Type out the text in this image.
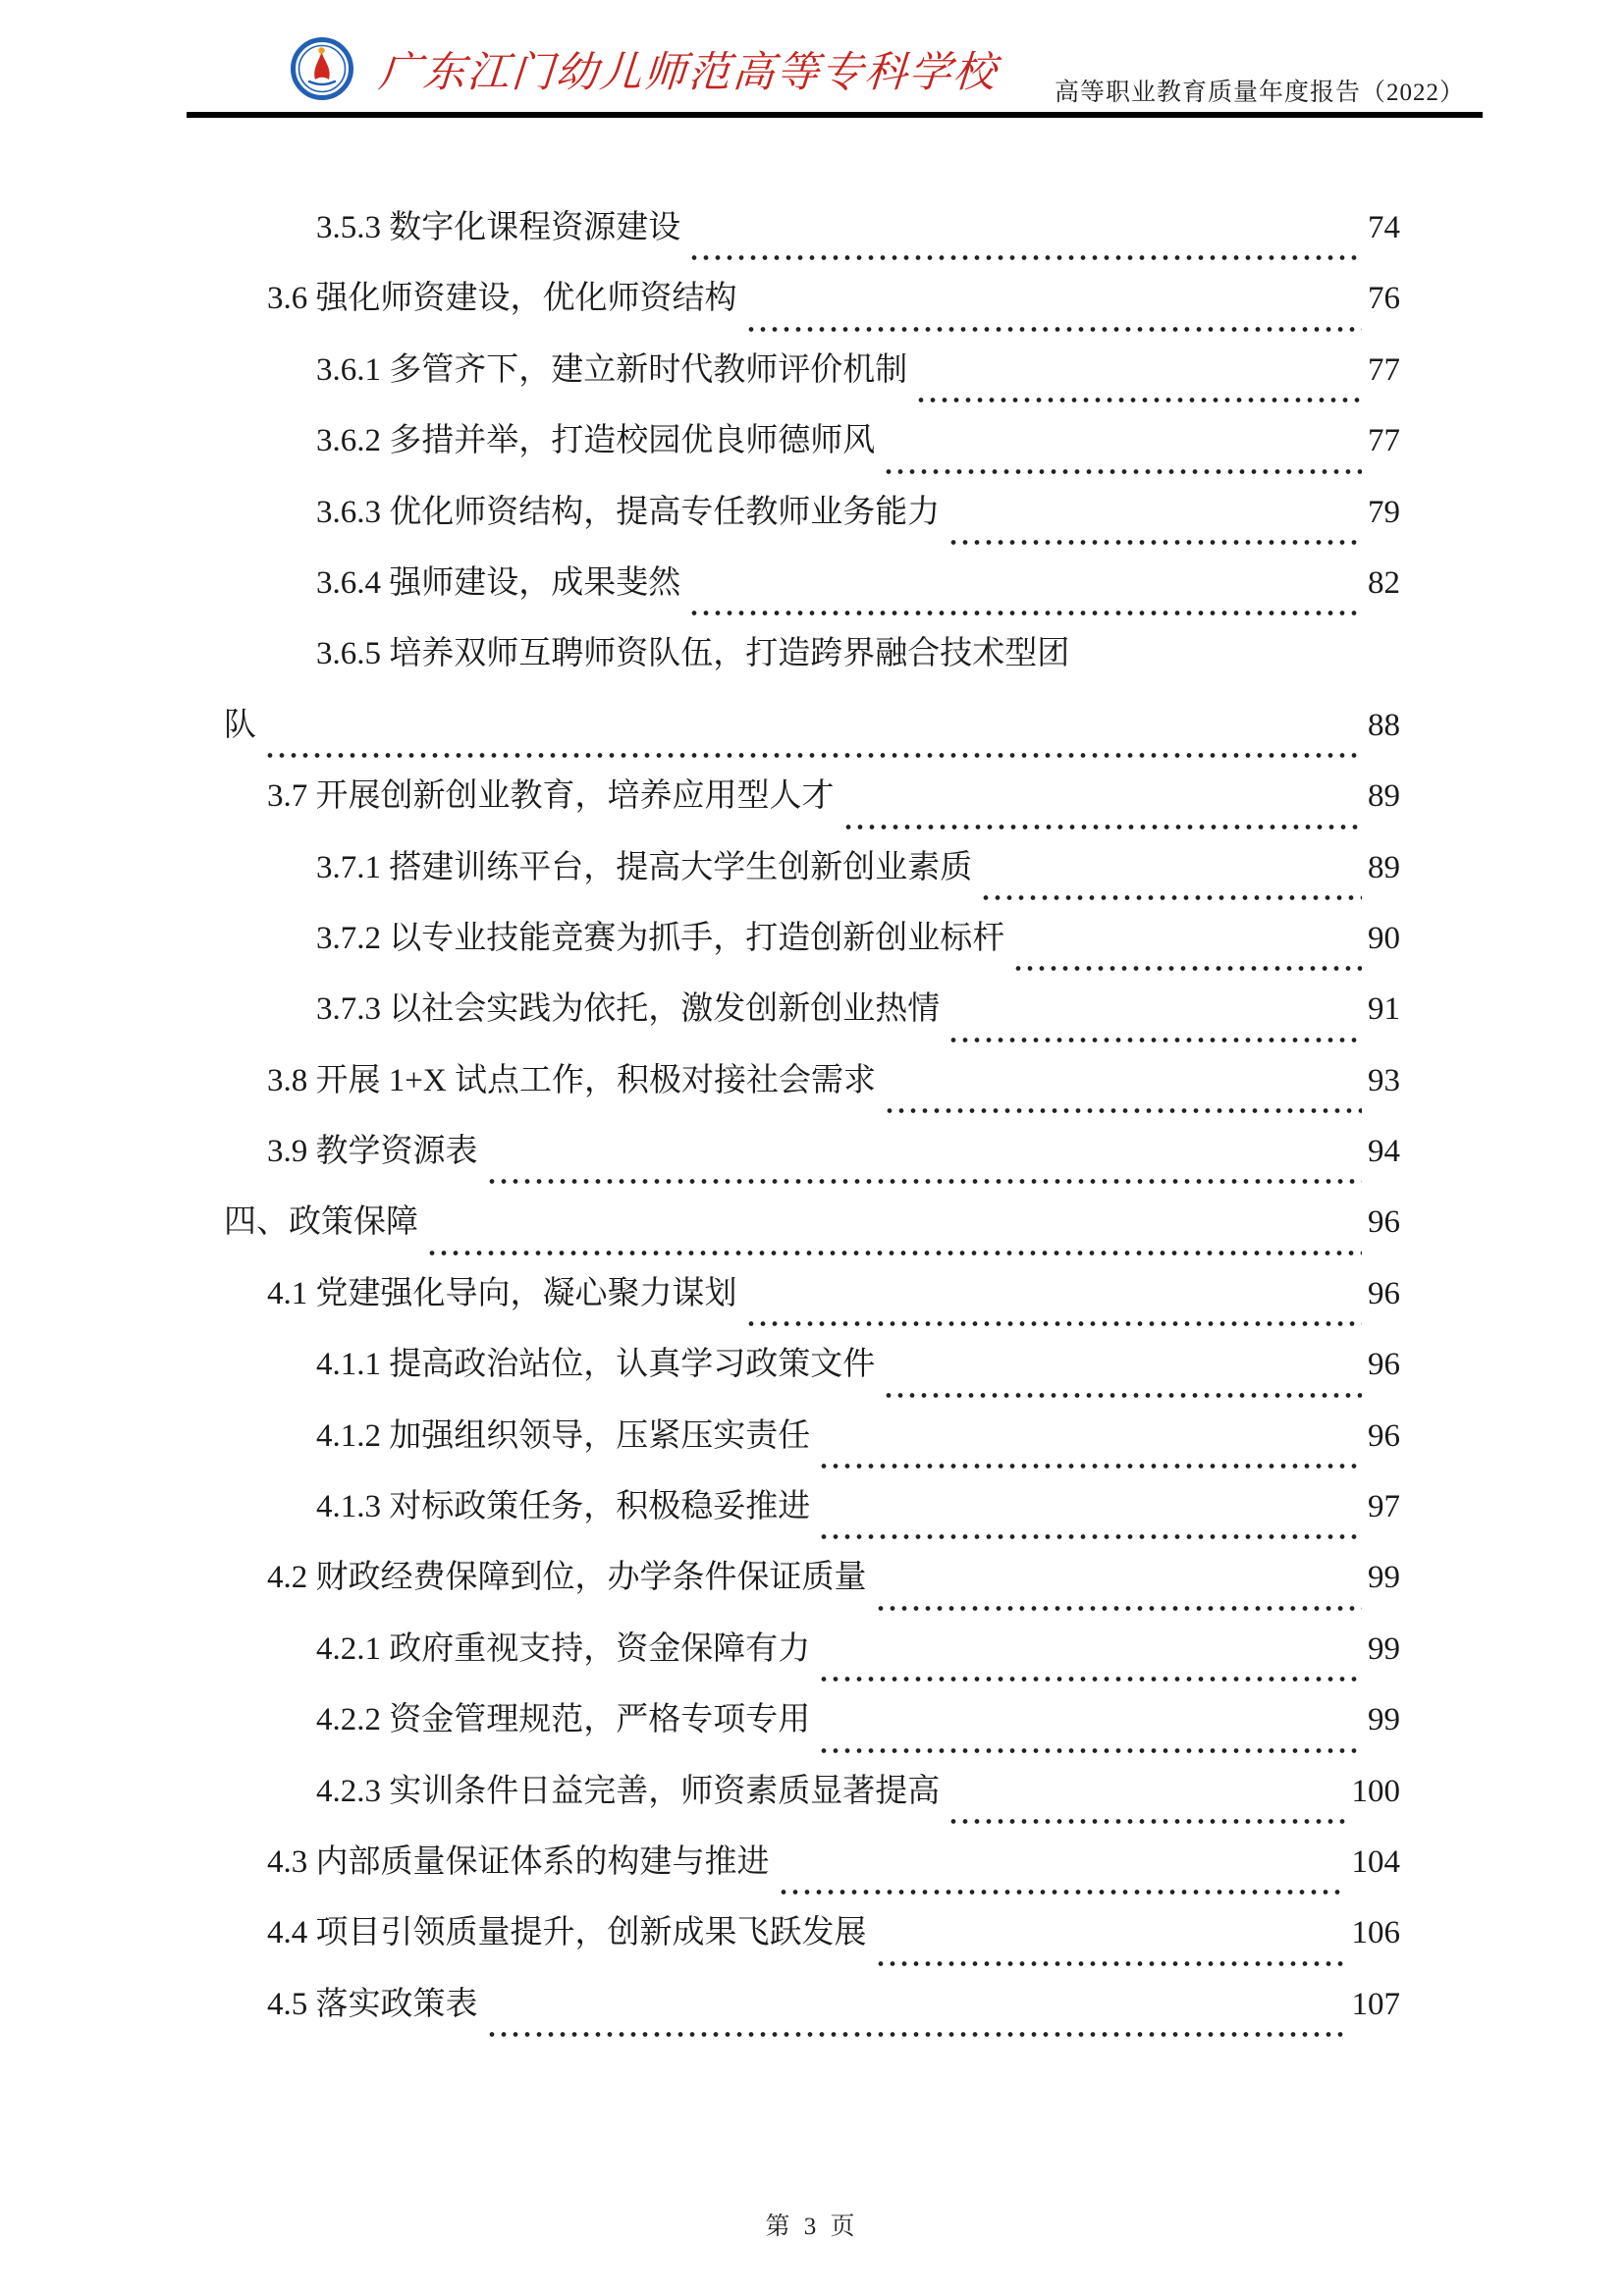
广东江门幼儿师范高等专科学校 高等职业教育质量年度报告（2022）
3.5.3 数字化课程资源建设	74
3.6 强化师资建设，优化师资结构	76
3.6.1 多管齐下，建立新时代教师评价机制	77
3.6.2 多措并举，打造校园优良师德师风	77
3.6.3 优化师资结构，提高专任教师业务能力	79
3.6.4 强师建设，成果斐然	82
3.6.5 培养双师互聘师资队伍，打造跨界融合技术型团
队	88
3.7 开展创新创业教育，培养应用型人才	89
3.7.1 搭建训练平台，提高大学生创新创业素质	89
3.7.2 以专业技能竞赛为抓手，打造创新创业标杆	90
3.7.3 以社会实践为依托，激发创新创业热情	91
3.8 开展 1+X 试点工作，积极对接社会需求	93
3.9 教学资源表	94
四、政策保障	96
4.1 党建强化导向，凝心聚力谋划	96
4.1.1 提高政治站位，认真学习政策文件	96
4.1.2 加强组织领导，压紧压实责任	96
4.1.3 对标政策任务，积极稳妥推进	97
4.2 财政经费保障到位，办学条件保证质量	99
4.2.1 政府重视支持，资金保障有力	99
4.2.2 资金管理规范，严格专项专用	99
4.2.3 实训条件日益完善，师资素质显著提高	100
4.3 内部质量保证体系的构建与推进	104
4.4 项目引领质量提升，创新成果飞跃发展	106
4.5 落实政策表	107
第 3 页
